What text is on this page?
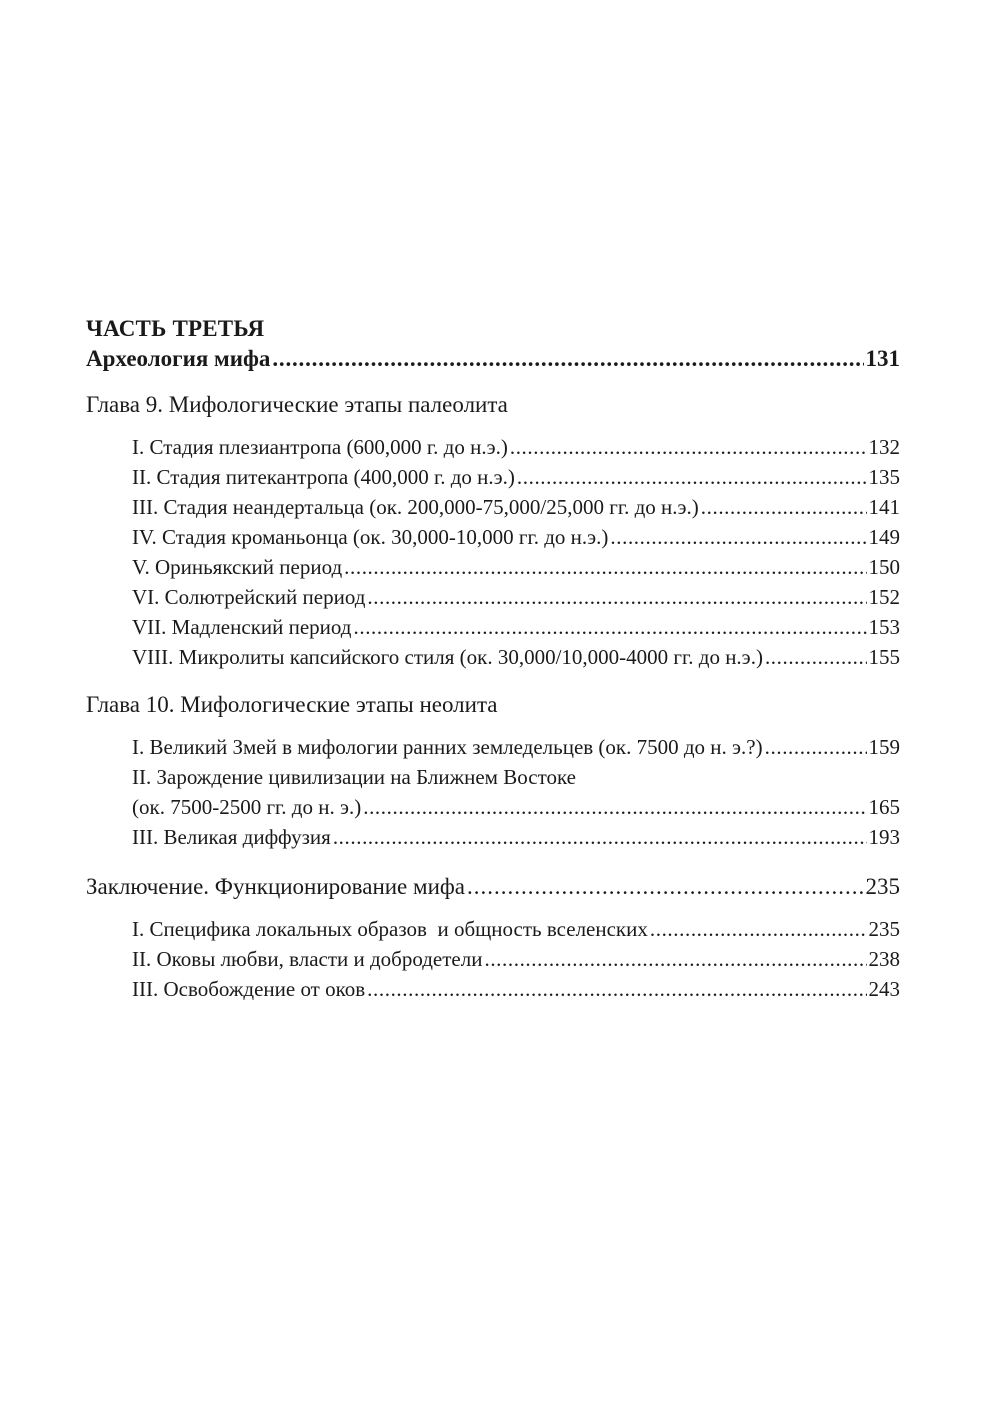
ЧАСТЬ ТРЕТЬЯ
Археология мифа .....	131
Глава 9. Мифологические этапы палеолита
I. Стадия плезиантропа (600,000 г. до н.э.) .....	132
II. Стадия питекантропа (400,000 г. до н.э.) .....	135
III. Стадия неандертальца (ок. 200,000-75,000/25,000 гг. до н.э.) .....	141
IV. Стадия кроманьонца (ок. 30,000-10,000 гг. до н.э.) .....	149
V. Ориньякский период .....	150
VI. Солютрейский период .....	152
VII. Мадленский период .....	153
VIII. Микролиты капсийского стиля (ок. 30,000/10,000-4000 гг. до н.э.) .....	155
Глава 10. Мифологические этапы неолита
I. Великий Змей в мифологии ранних земледельцев (ок. 7500 до н. э.?) .....	159
II. Зарождение цивилизации на Ближнем Востоке
(ок. 7500-2500 гг. до н. э.) .....	165
III. Великая диффузия .....	193
Заключение. Функционирование мифа .....	235
I. Специфика локальных образов  и общность вселенских .....	235
II. Оковы любви, власти и добродетели .....	238
III. Освобождение от оков .....	243
